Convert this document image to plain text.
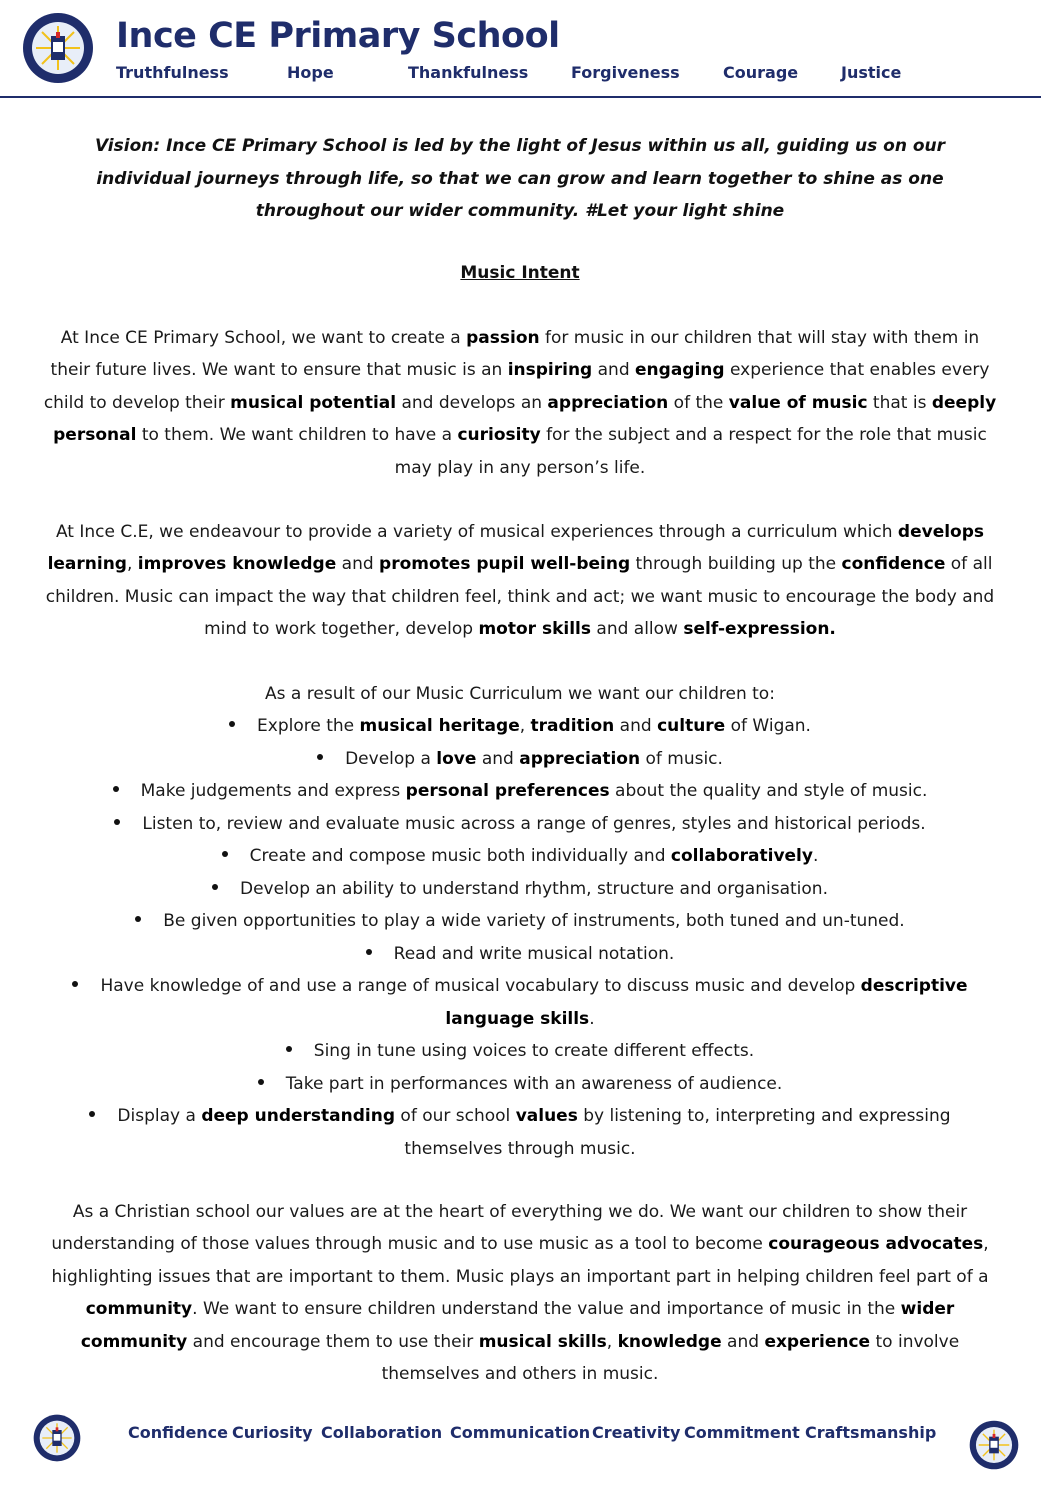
Ince CE Primary School
Truthfulness	Hope	Thankfulness	Forgiveness	Courage	Justice
Vision: Ince CE Primary School is led by the light of Jesus within us all, guiding us on our
individual journeys through life, so that we can grow and learn together to shine as one
throughout our wider community. #Let your light shine
Music Intent
At Ince CE Primary School, we want to create a passion for music in our children that will stay with them in their future lives. We want to ensure that music is an inspiring and engaging experience that enables every child to develop their musical potential and develops an appreciation of the value of music that is deeply personal to them. We want children to have a curiosity for the subject and a respect for the role that music may play in any person’s life.
At Ince C.E, we endeavour to provide a variety of musical experiences through a curriculum which develops learning, improves knowledge and promotes pupil well-being through building up the confidence of all children. Music can impact the way that children feel, think and act; we want music to encourage the body and mind to work together, develop motor skills and allow self-expression.
As a result of our Music Curriculum we want our children to:
Explore the musical heritage, tradition and culture of Wigan.
Develop a love and appreciation of music.
Make judgements and express personal preferences about the quality and style of music.
Listen to, review and evaluate music across a range of genres, styles and historical periods.
Create and compose music both individually and collaboratively.
Develop an ability to understand rhythm, structure and organisation.
Be given opportunities to play a wide variety of instruments, both tuned and un-tuned.
Read and write musical notation.
Have knowledge of and use a range of musical vocabulary to discuss music and develop descriptive language skills.
Sing in tune using voices to create different effects.
Take part in performances with an awareness of audience.
Display a deep understanding of our school values by listening to, interpreting and expressing themselves through music.
As a Christian school our values are at the heart of everything we do. We want our children to show their understanding of those values through music and to use music as a tool to become courageous advocates, highlighting issues that are important to them. Music plays an important part in helping children feel part of a community. We want to ensure children understand the value and importance of music in the wider community and encourage them to use their musical skills, knowledge and experience to involve themselves and others in music.
Confidence Curiosity Collaboration Communication Creativity Commitment Craftsmanship
